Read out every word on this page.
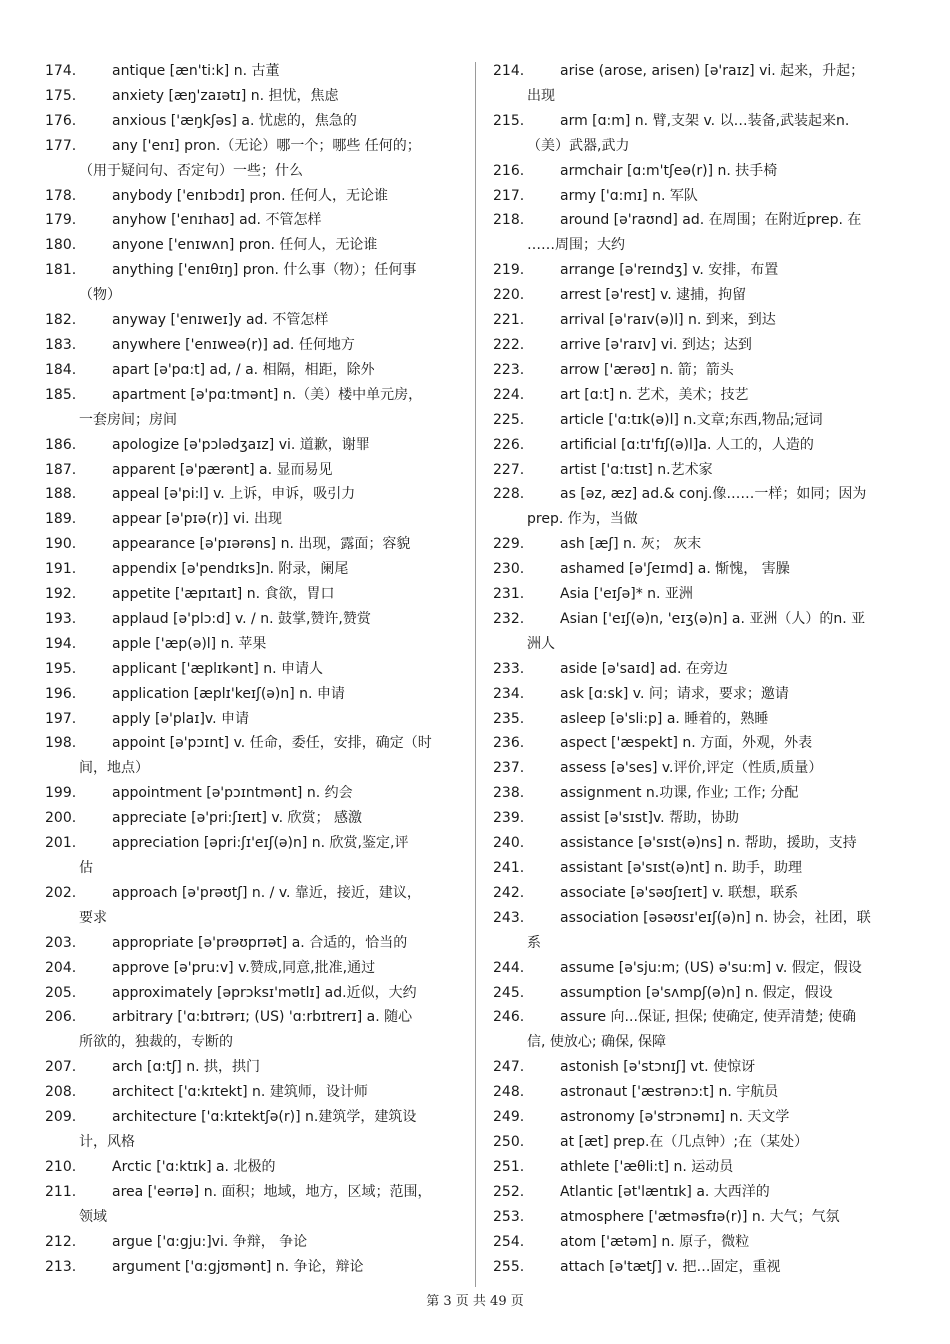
174.	antique [æn'ti:k] n. 古董
175.	anxiety [æŋ'zaɪətɪ] n. 担忧，焦虑
176.	anxious ['æŋkʃəs] a. 忧虑的，焦急的
177.	any ['enɪ] pron.（无论）哪一个；哪些 任何的；
（用于疑问句、否定句）一些；什么
178.	anybody ['enɪbɔdɪ] pron. 任何人，无论谁
179.	anyhow ['enɪhaʊ] ad. 不管怎样
180.	anyone ['enɪwʌn] pron. 任何人，无论谁
181.	anything ['enɪθɪŋ] pron. 什么事（物）；任何事
（物）
182.	anyway ['enɪweɪ]y ad. 不管怎样
183.	anywhere ['enɪweə(r)] ad. 任何地方
184.	apart [ə'pɑ:t] ad, / a. 相隔，相距，除外
185.	apartment [ə'pɑ:tmənt] n.（美）楼中单元房，
一套房间；房间
186.	apologize [ə'pɔlədʒaɪz] vi. 道歉，谢罪
187.	apparent [ə'pærənt] a. 显而易见
188.	appeal [ə'pi:l] v. 上诉，申诉，吸引力
189.	appear [ə'pɪə(r)] vi. 出现
190.	appearance [ə'pɪərəns] n. 出现，露面；容貌
191.	appendix [ə'pendɪks]n. 附录，阑尾
192.	appetite ['æpɪtaɪt] n. 食欲，胃口
193.	applaud [ə'plɔ:d] v. / n. 鼓掌,赞许,赞赏
194.	apple ['æp(ə)l] n. 苹果
195.	applicant ['æplɪkənt] n. 申请人
196.	application [æplɪ'keɪʃ(ə)n] n. 申请
197.	apply [ə'plaɪ]v. 申请
198.	appoint [ə'pɔɪnt] v. 任命，委任，安排，确定（时
间，地点）
199.	appointment [ə'pɔɪntmənt] n. 约会
200.	appreciate [ə'pri:ʃɪeɪt] v. 欣赏； 感激
201.	appreciation [əpri:ʃɪ'eɪʃ(ə)n] n. 欣赏,鉴定,评
估
202.	approach [ə'prəʊtʃ] n. / v. 靠近，接近，建议，
要求
203.	appropriate [ə'prəʊprɪət] a. 合适的，恰当的
204.	approve [ə'pru:v] v.赞成,同意,批准,通过
205.	approximately [əprɔksɪ'mətlɪ] ad.近似，大约
206.	arbitrary ['ɑ:bɪtrərɪ; (US) 'ɑ:rbɪtrerɪ] a. 随心
所欲的，独裁的，专断的
207.	arch [ɑ:tʃ] n. 拱，拱门
208.	architect ['ɑ:kɪtekt] n. 建筑师，设计师
209.	architecture ['ɑ:kɪtektʃə(r)] n.建筑学，建筑设
计，风格
210.	Arctic ['ɑ:ktɪk] a. 北极的
211.	area ['eərɪə] n. 面积；地域，地方，区域；范围，
领域
212.	argue ['ɑ:gju:]vi. 争辩， 争论
213.	argument ['ɑ:gjʊmənt] n. 争论，辩论
214.	arise (arose, arisen) [ə'raɪz] vi. 起来，升起；
出现
215.	arm [ɑ:m] n. 臂,支架 v. 以…装备,武装起来n.
（美）武器,武力
216.	armchair [ɑ:m'tʃeə(r)] n. 扶手椅
217.	army ['ɑ:mɪ] n. 军队
218.	around [ə'raʊnd] ad. 在周围；在附近prep. 在
……周围；大约
219.	arrange [ə'reɪndʒ] v. 安排，布置
220.	arrest [ə'rest] v. 逮捕，拘留
221.	arrival [ə'raɪv(ə)l] n. 到来，到达
222.	arrive [ə'raɪv] vi. 到达；达到
223.	arrow ['ærəʊ] n. 箭；箭头
224.	art [ɑ:t] n. 艺术，美术；技艺
225.	article ['ɑ:tɪk(ə)l] n.文章;东西,物品;冠词
226.	artificial [ɑ:tɪ'fɪʃ(ə)l]a. 人工的，人造的
227.	artist ['ɑ:tɪst] n.艺术家
228.	as [əz, æz] ad.& conj.像……一样；如同；因为
prep. 作为，当做
229.	ash [æʃ] n. 灰； 灰末
230.	ashamed [ə'ʃeɪmd] a. 惭愧， 害臊
231.	Asia ['eɪʃə]* n. 亚洲
232.	Asian ['eɪʃ(ə)n, 'eɪʒ(ə)n] a. 亚洲（人）的n. 亚
洲人
233.	aside [ə'saɪd] ad. 在旁边
234.	ask [ɑ:sk] v. 问；请求，要求；邀请
235.	asleep [ə'sli:p] a. 睡着的，熟睡
236.	aspect ['æspekt] n. 方面，外观，外表
237.	assess [ə'ses] v.评价,评定（性质,质量）
238.	assignment n.功课, 作业; 工作; 分配
239.	assist [ə'sɪst]v. 帮助，协助
240.	assistance [ə'sɪst(ə)ns] n. 帮助，援助，支持
241.	assistant [ə'sɪst(ə)nt] n. 助手，助理
242.	associate [ə'səʊʃɪeɪt] v. 联想，联系
243.	association [əsəʊsɪ'eɪʃ(ə)n] n. 协会，社团，联
系
244.	assume [ə'sju:m; (US) ə'su:m] v. 假定，假设
245.	assumption [ə'sʌmpʃ(ə)n] n. 假定，假设
246.	assure 向...保证, 担保; 使确定, 使弄清楚; 使确
信, 使放心; 确保, 保障
247.	astonish [ə'stɔnɪʃ] vt. 使惊讶
248.	astronaut ['æstrənɔ:t] n. 宇航员
249.	astronomy [ə'strɔnəmɪ] n. 天文学
250.	at [æt] prep.在（几点钟）;在（某处）
251.	athlete ['æθli:t] n. 运动员
252.	Atlantic [ət'læntɪk] a. 大西洋的
253.	atmosphere ['ætməsfɪə(r)] n. 大气；气氛
254.	atom ['ætəm] n. 原子，微粒
255.	attach [ə'tætʃ] v. 把…固定，重视
第 3 页 共 49 页
